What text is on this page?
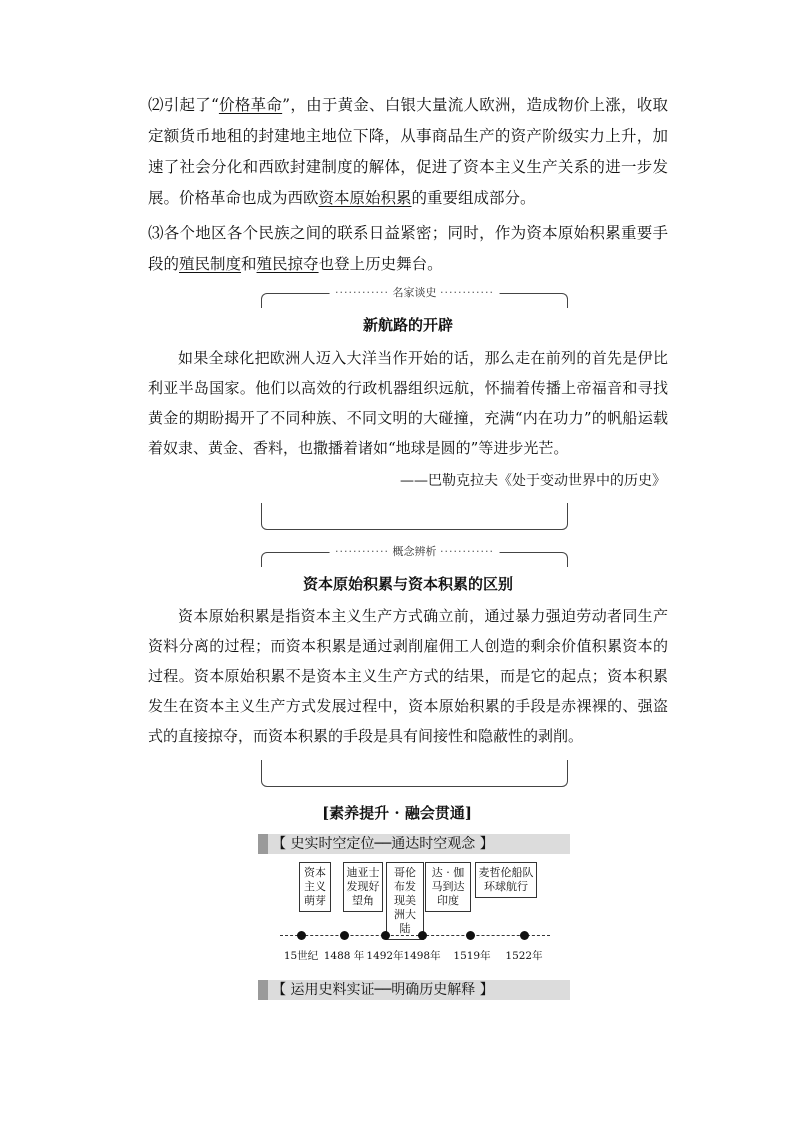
⑵引起了“价格革命”，由于黄金、白银大量流人欧洲，造成物价上涨，收取定额货币地租的封建地主地位下降，从事商品生产的资产阶级实力上升，加速了社会分化和西欧封建制度的解体，促进了资本主义生产关系的进一步发展。价格革命也成为西欧资本原始积累的重要组成部分。

⑶各个地区各个民族之间的联系日益紧密；同时，作为资本原始积累重要手段的殖民制度和殖民掠夺也登上历史舞台。

············ 名家谈史 ············

新航路的开辟

如果全球化把欧洲人迈入大洋当作开始的话，那么走在前列的首先是伊比利亚半岛国家。他们以高效的行政机器组织远航，怀揣着传播上帝福音和寻找黄金的期盼揭开了不同种族、不同文明的大碰撞，充满“内在功力”的帆船运载着奴隶、黄金、香料，也撒播着诸如“地球是圆的”等进步光芒。

——巴勒克拉夫《处于变动世界中的历史》

············ 概念辨析 ············

资本原始积累与资本积累的区别

资本原始积累是指资本主义生产方式确立前，通过暴力强迫劳动者同生产资料分离的过程；而资本积累是通过剥削雇佣工人创造的剩余价值积累资本的过程。资本原始积累不是资本主义生产方式的结果，而是它的起点；资本积累发生在资本主义生产方式发展过程中，资本原始积累的手段是赤裸裸的、强盗式的直接掠夺，而资本积累的手段是具有间接性和隐蔽性的剥削。

[素养提升 · 融会贯通]

【 史实时空定位──通达时空观念 】
资本主义萌芽
迪亚士发现好望角
哥伦布发现美洲大陆
达 · 伽马到达印度
麦哲伦船队环球航行
15世纪 1488 年 1492年 1498年 1519年 1522年
【 运用史料实证──明确历史解释 】
